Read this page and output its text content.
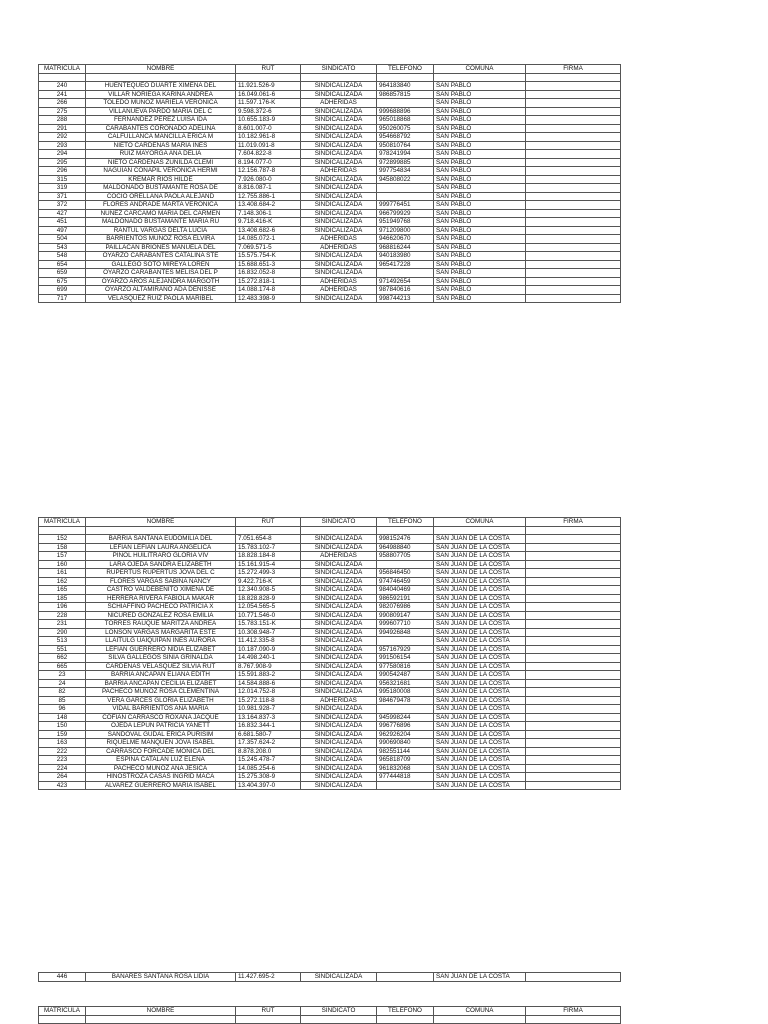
MATRICULA	NOMBRE	RUT	SINDICATO	TELEFONO	COMUNA	FIRMA

240	HUENTEQUEO DUARTE XIMENA DEL	11.921.526-9	SINDICALIZADA	964183840	SAN PABLO	
241	VILLAR NORIEGA KARINA ANDREA	16.049.061-6	SINDICALIZADA	986857815	SAN PABLO	
266	TOLEDO MUÑOZ MARIELA VERONICA	11.597.176-K	ADHERIDAS		SAN PABLO	
275	VILLANUEVA PARDO MARIA DEL C	9.598.372-6	SINDICALIZADA	999688896	SAN PABLO	
288	FERNANDEZ PEREZ LUISA IDA	10.655.183-9	SINDICALIZADA	965018868	SAN PABLO	
291	CARABANTES CORONADO ADELINA	8.601.007-0	SINDICALIZADA	950260075	SAN PABLO	
292	CALFULLANCA MANCILLA ERICA M	10.182.961-8	SINDICALIZADA	954668792	SAN PABLO	
293	NIETO CARDENAS MARIA INES	11.019.091-8	SINDICALIZADA	950810764	SAN PABLO	
294	RUIZ MAYORGA ANA DELIA	7.604.822-8	SINDICALIZADA	978241994	SAN PABLO	
295	NIETO CARDENAS ZUNILDA CLEMI	8.194.077-0	SINDICALIZADA	972899885	SAN PABLO	
296	NAGUIAN CONAPIL VERONICA HERMI	12.156.787-8	ADHERIDAS	997754834	SAN PABLO	
315	KREMAR RIOS HILDE	7.926.080-0	SINDICALIZADA	945808022	SAN PABLO	
319	MALDONADO BUSTAMANTE ROSA DE	8.816.087-1	SINDICALIZADA		SAN PABLO	
371	COCIO ORELLANA PAOLA ALEJAND	12.755.886-1	SINDICALIZADA		SAN PABLO	
372	FLORES ANDRADE MARTA VERONICA	13.408.684-2	SINDICALIZADA	999776451	SAN PABLO	
427	NUNEZ CARCAMO MARIA DEL CARMEN	7.148.306-1	SINDICALIZADA	966799929	SAN PABLO	
451	MALDONADO BUSTAMANTE MARIA RU	9.718.416-K	SINDICALIZADA	951949768	SAN PABLO	
497	RANTUL VARGAS DELTA LUCIA	13.408.682-6	SINDICALIZADA	971209800	SAN PABLO	
504	BARRIENTOS MUÑOZ ROSA ELVIRA	14.085.072-1	ADHERIDAS	946620670	SAN PABLO	
543	PAILLACAN BRIONES MANUELA DEL	7.069.571-5	ADHERIDAS	968816244	SAN PABLO	
548	OYARZO CARABANTES CATALINA STE	15.575.754-K	SINDICALIZADA	940183980	SAN PABLO	
654	GALLEGO SOTO MIREYA LOREN	15.688.651-3	SINDICALIZADA	965417228	SAN PABLO	
659	OYARZO CARABANTES MELISA DEL P	16.832.052-8	SINDICALIZADA		SAN PABLO	
675	OYARZO AROS ALEJANDRA MARGOTH	15.272.818-1	ADHERIDAS	971492654	SAN PABLO	
699	OYARZO ALTAMIRANO ADA DENISSE	14.088.174-8	ADHERIDAS	987840616	SAN PABLO	
717	VELASQUEZ RUIZ PAOLA MARIBEL	12.483.398-9	SINDICALIZADA	998744213	SAN PABLO	
MATRICULA	NOMBRE	RUT	SINDICATO	TELEFONO	COMUNA	FIRMA

152	BARRIA SANTANA EUDOMILIA DEL	7.051.654-8	SINDICALIZADA	998152476	SAN JUAN DE LA COSTA	
158	LEFIAN LEFIAN LAURA ANGELICA	15.783.102-7	SINDICALIZADA	964988840	SAN JUAN DE LA COSTA	
157	PINOL HUILITRARO GLORIA VIV	18.828.184-8	ADHERIDAS	958807705	SAN JUAN DE LA COSTA	
160	LARA OJEDA SANDRA ELIZABETH	15.161.915-4	SINDICALIZADA		SAN JUAN DE LA COSTA	
161	RUPERTUS RUPERTUS JOVA DEL C	15.272.499-3	SINDICALIZADA	956846450	SAN JUAN DE LA COSTA	
162	FLORES VARGAS SABINA NANCY	9.422.716-K	SINDICALIZADA	974746459	SAN JUAN DE LA COSTA	
165	CASTRO VALDEBENITO XIMENA DE	12.340.908-5	SINDICALIZADA	984040469	SAN JUAN DE LA COSTA	
185	HERRERA RIVERA FABIOLA MAKAR	18.828.828-9	SINDICALIZADA	986592191	SAN JUAN DE LA COSTA	
196	SCHIAFFINO PACHECO PATRICIA X	12.054.565-5	SINDICALIZADA	982076986	SAN JUAN DE LA COSTA	
228	NICURED GONZALEZ ROSA EMILIA	10.771.546-0	SINDICALIZADA	990809147	SAN JUAN DE LA COSTA	
231	TORRES RAUQUE MARITZA ANDREA	15.783.151-K	SINDICALIZADA	999607710	SAN JUAN DE LA COSTA	
290	LONSON VARGAS MARGARITA ESTE	10.308.948-7	SINDICALIZADA	994926848	SAN JUAN DE LA COSTA	
513	LLAITULG UAIQUIPAN INES AURORA	11.412.335-8	SINDICALIZADA		SAN JUAN DE LA COSTA	
551	LEFIAN GUERRERO NIDIA ELIZABET	10.187.090-9	SINDICALIZADA	957167929	SAN JUAN DE LA COSTA	
662	SILVA GALLEGOS SINIA GRINALDA	14.498.240-1	SINDICALIZADA	991506154	SAN JUAN DE LA COSTA	
665	CARDENAS VELASQUEZ SILVIA RUT	8.767.908-9	SINDICALIZADA	977580816	SAN JUAN DE LA COSTA	
23	BARRIA ANCAPAN ELIANA EDITH	15.591.883-2	SINDICALIZADA	990542487	SAN JUAN DE LA COSTA	
24	BARRIA ANCAPAN CECILIA ELIZABET	14.584.888-6	SINDICALIZADA	956321681	SAN JUAN DE LA COSTA	
82	PACHECO MUÑOZ ROSA CLEMENTINA	12.014.752-8	SINDICALIZADA	995180008	SAN JUAN DE LA COSTA	
85	VERA GARCES GLORIA ELIZABETH	15.272.118-8	ADHERIDAS	984679478	SAN JUAN DE LA COSTA	
96	VIDAL BARRIENTOS ANA MARIA	10.981.928-7	SINDICALIZADA		SAN JUAN DE LA COSTA	
148	COFIAN CARRASCO ROXANA JACQUE	13.164.837-3	SINDICALIZADA	945998244	SAN JUAN DE LA COSTA	
150	OJEDA LEPUN PATRICIA YANETT	16.832.344-1	SINDICALIZADA	996776896	SAN JUAN DE LA COSTA	
159	SANDOVAL GUDAL ERICA PURISIM	6.681.580-7	SINDICALIZADA	962926204	SAN JUAN DE LA COSTA	
163	RIQUELME MANQUEN JOVA ISABEL	17.357.624-2	SINDICALIZADA	990690840	SAN JUAN DE LA COSTA	
222	CARRASCO FORCADE MONICA DEL	8.878.208.0	SINDICALIZADA	982551144	SAN JUAN DE LA COSTA	
223	ESPINA CATALAN LUZ ELENA	15.245.478-7	SINDICALIZADA	965818709	SAN JUAN DE LA COSTA	
224	PACHECO MUÑOZ ANA JESICA	14.085.254-6	SINDICALIZADA	961832068	SAN JUAN DE LA COSTA	
264	HINOSTROZA CASAS INGRID MACA	15.275.308-9	SINDICALIZADA	977444818	SAN JUAN DE LA COSTA	
423	ALVAREZ GUERRERO MARIA ISABEL	13.404.397-0	SINDICALIZADA		SAN JUAN DE LA COSTA	
446	BANARES SANTANA ROSA LIDIA	11.427.695-2	SINDICALIZADA		SAN JUAN DE LA COSTA	
MATRICULA	NOMBRE	RUT	SINDICATO	TELEFONO	COMUNA	FIRMA
